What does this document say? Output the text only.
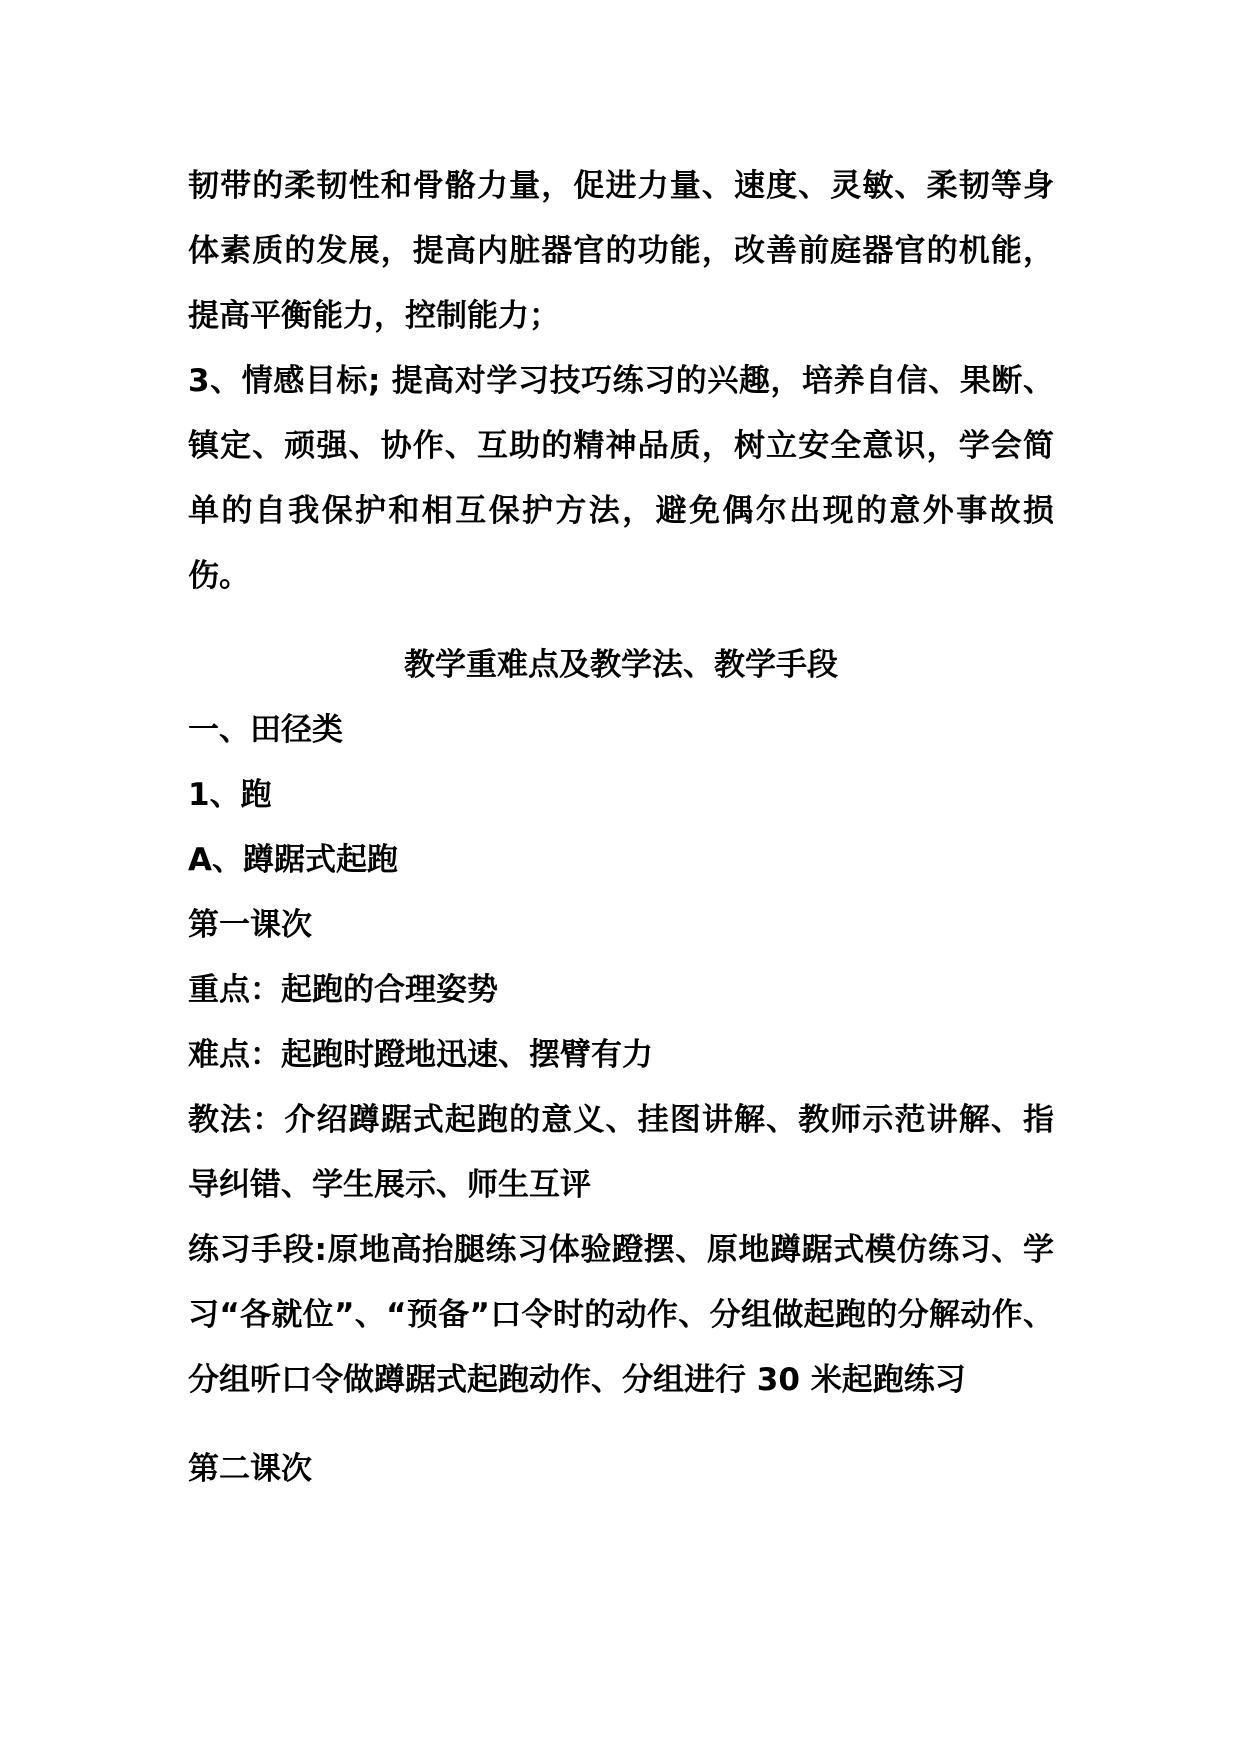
韧带的柔韧性和骨骼力量，促进力量、速度、灵敏、柔韧等身体素质的发展，提高内脏器官的功能，改善前庭器官的机能，提高平衡能力，控制能力；

3、情感目标; 提高对学习技巧练习的兴趣，培养自信、果断、镇定、顽强、协作、互助的精神品质，树立安全意识，学会简单的自我保护和相互保护方法，避免偶尔出现的意外事故损伤。

教学重难点及教学法、教学手段

一、田径类

1、跑

A、蹲踞式起跑

第一课次

重点：起跑的合理姿势

难点：起跑时蹬地迅速、摆臂有力

教法：介绍蹲踞式起跑的意义、挂图讲解、教师示范讲解、指导纠错、学生展示、师生互评

练习手段:原地高抬腿练习体验蹬摆、原地蹲踞式模仿练习、学习“各就位”、“预备”口令时的动作、分组做起跑的分解动作、分组听口令做蹲踞式起跑动作、分组进行 30 米起跑练习

第二课次
